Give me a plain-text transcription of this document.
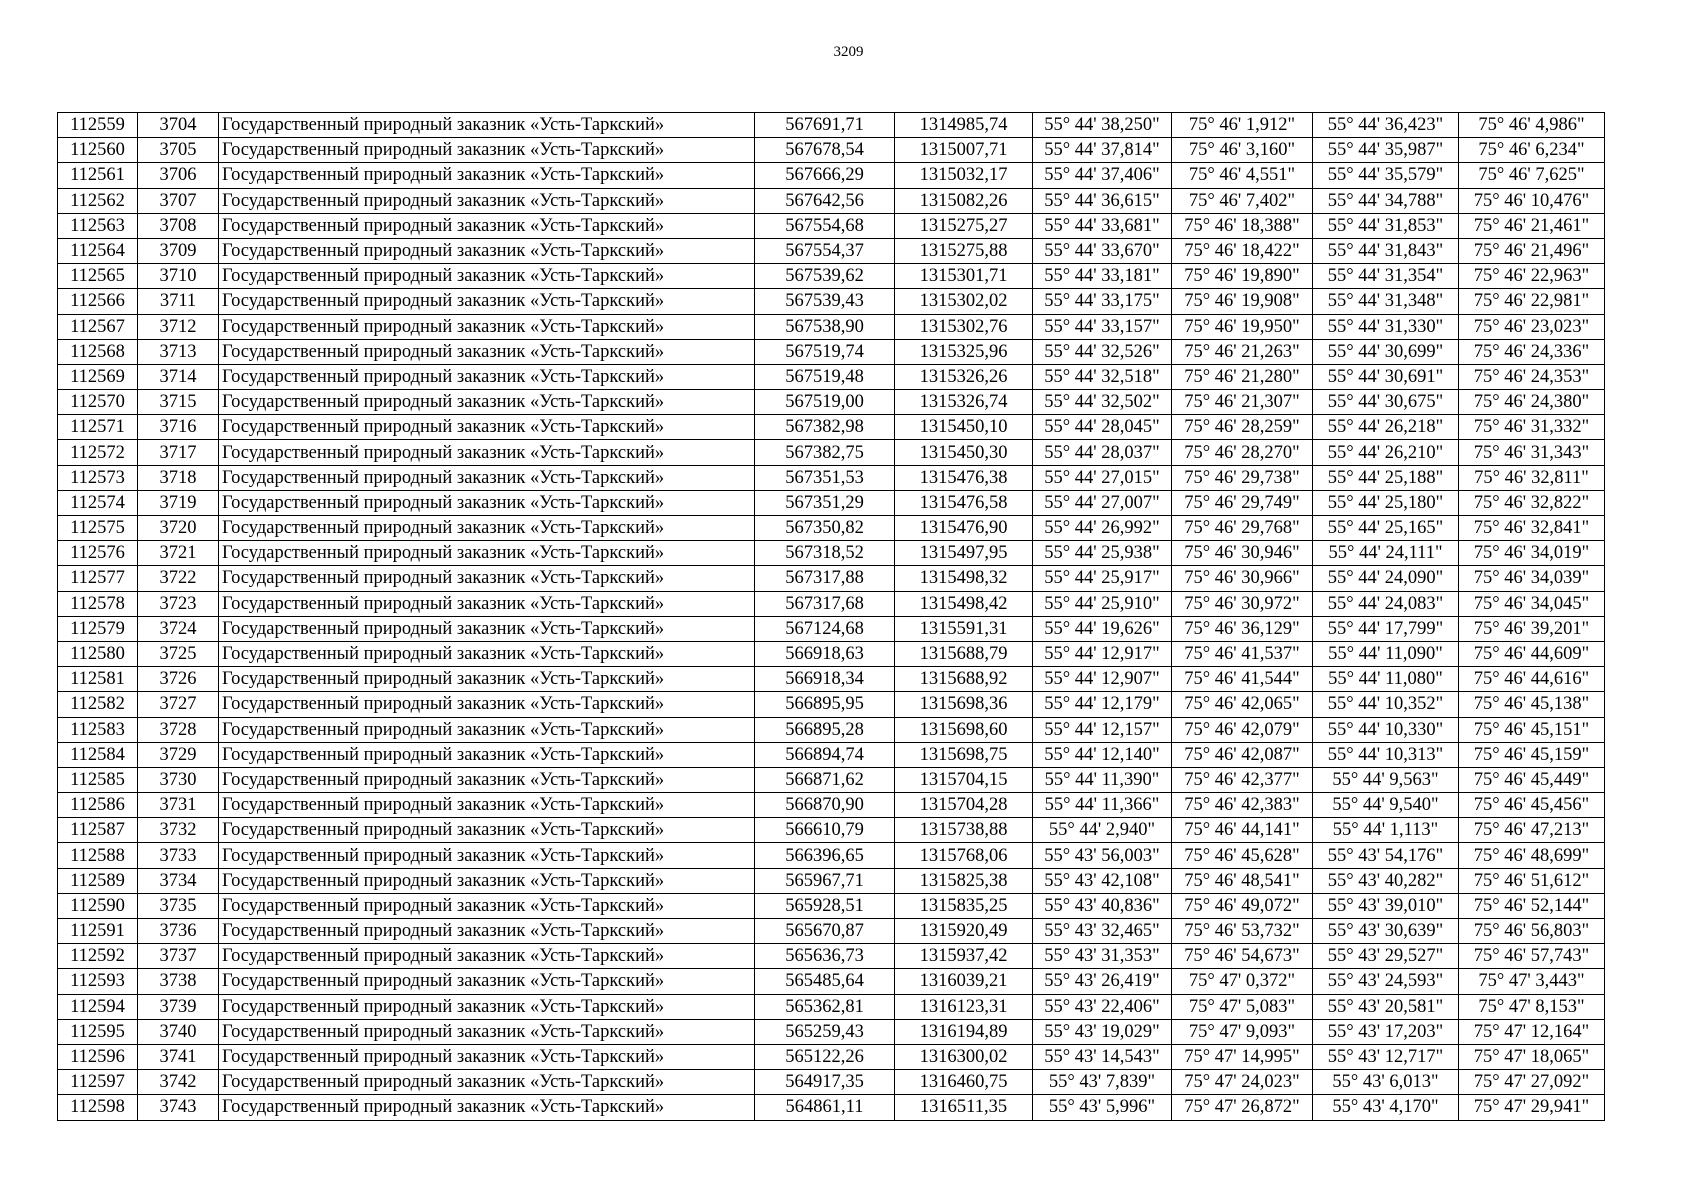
3209
112559	3704	Государственный природный заказник «Усть-Таркский»	567691,71	1314985,74	55° 44' 38,250"	75° 46' 1,912"	55° 44' 36,423"	75° 46' 4,986"
112560	3705	Государственный природный заказник «Усть-Таркский»	567678,54	1315007,71	55° 44' 37,814"	75° 46' 3,160"	55° 44' 35,987"	75° 46' 6,234"
112561	3706	Государственный природный заказник «Усть-Таркский»	567666,29	1315032,17	55° 44' 37,406"	75° 46' 4,551"	55° 44' 35,579"	75° 46' 7,625"
112562	3707	Государственный природный заказник «Усть-Таркский»	567642,56	1315082,26	55° 44' 36,615"	75° 46' 7,402"	55° 44' 34,788"	75° 46' 10,476"
112563	3708	Государственный природный заказник «Усть-Таркский»	567554,68	1315275,27	55° 44' 33,681"	75° 46' 18,388"	55° 44' 31,853"	75° 46' 21,461"
112564	3709	Государственный природный заказник «Усть-Таркский»	567554,37	1315275,88	55° 44' 33,670"	75° 46' 18,422"	55° 44' 31,843"	75° 46' 21,496"
112565	3710	Государственный природный заказник «Усть-Таркский»	567539,62	1315301,71	55° 44' 33,181"	75° 46' 19,890"	55° 44' 31,354"	75° 46' 22,963"
112566	3711	Государственный природный заказник «Усть-Таркский»	567539,43	1315302,02	55° 44' 33,175"	75° 46' 19,908"	55° 44' 31,348"	75° 46' 22,981"
112567	3712	Государственный природный заказник «Усть-Таркский»	567538,90	1315302,76	55° 44' 33,157"	75° 46' 19,950"	55° 44' 31,330"	75° 46' 23,023"
112568	3713	Государственный природный заказник «Усть-Таркский»	567519,74	1315325,96	55° 44' 32,526"	75° 46' 21,263"	55° 44' 30,699"	75° 46' 24,336"
112569	3714	Государственный природный заказник «Усть-Таркский»	567519,48	1315326,26	55° 44' 32,518"	75° 46' 21,280"	55° 44' 30,691"	75° 46' 24,353"
112570	3715	Государственный природный заказник «Усть-Таркский»	567519,00	1315326,74	55° 44' 32,502"	75° 46' 21,307"	55° 44' 30,675"	75° 46' 24,380"
112571	3716	Государственный природный заказник «Усть-Таркский»	567382,98	1315450,10	55° 44' 28,045"	75° 46' 28,259"	55° 44' 26,218"	75° 46' 31,332"
112572	3717	Государственный природный заказник «Усть-Таркский»	567382,75	1315450,30	55° 44' 28,037"	75° 46' 28,270"	55° 44' 26,210"	75° 46' 31,343"
112573	3718	Государственный природный заказник «Усть-Таркский»	567351,53	1315476,38	55° 44' 27,015"	75° 46' 29,738"	55° 44' 25,188"	75° 46' 32,811"
112574	3719	Государственный природный заказник «Усть-Таркский»	567351,29	1315476,58	55° 44' 27,007"	75° 46' 29,749"	55° 44' 25,180"	75° 46' 32,822"
112575	3720	Государственный природный заказник «Усть-Таркский»	567350,82	1315476,90	55° 44' 26,992"	75° 46' 29,768"	55° 44' 25,165"	75° 46' 32,841"
112576	3721	Государственный природный заказник «Усть-Таркский»	567318,52	1315497,95	55° 44' 25,938"	75° 46' 30,946"	55° 44' 24,111"	75° 46' 34,019"
112577	3722	Государственный природный заказник «Усть-Таркский»	567317,88	1315498,32	55° 44' 25,917"	75° 46' 30,966"	55° 44' 24,090"	75° 46' 34,039"
112578	3723	Государственный природный заказник «Усть-Таркский»	567317,68	1315498,42	55° 44' 25,910"	75° 46' 30,972"	55° 44' 24,083"	75° 46' 34,045"
112579	3724	Государственный природный заказник «Усть-Таркский»	567124,68	1315591,31	55° 44' 19,626"	75° 46' 36,129"	55° 44' 17,799"	75° 46' 39,201"
112580	3725	Государственный природный заказник «Усть-Таркский»	566918,63	1315688,79	55° 44' 12,917"	75° 46' 41,537"	55° 44' 11,090"	75° 46' 44,609"
112581	3726	Государственный природный заказник «Усть-Таркский»	566918,34	1315688,92	55° 44' 12,907"	75° 46' 41,544"	55° 44' 11,080"	75° 46' 44,616"
112582	3727	Государственный природный заказник «Усть-Таркский»	566895,95	1315698,36	55° 44' 12,179"	75° 46' 42,065"	55° 44' 10,352"	75° 46' 45,138"
112583	3728	Государственный природный заказник «Усть-Таркский»	566895,28	1315698,60	55° 44' 12,157"	75° 46' 42,079"	55° 44' 10,330"	75° 46' 45,151"
112584	3729	Государственный природный заказник «Усть-Таркский»	566894,74	1315698,75	55° 44' 12,140"	75° 46' 42,087"	55° 44' 10,313"	75° 46' 45,159"
112585	3730	Государственный природный заказник «Усть-Таркский»	566871,62	1315704,15	55° 44' 11,390"	75° 46' 42,377"	55° 44' 9,563"	75° 46' 45,449"
112586	3731	Государственный природный заказник «Усть-Таркский»	566870,90	1315704,28	55° 44' 11,366"	75° 46' 42,383"	55° 44' 9,540"	75° 46' 45,456"
112587	3732	Государственный природный заказник «Усть-Таркский»	566610,79	1315738,88	55° 44' 2,940"	75° 46' 44,141"	55° 44' 1,113"	75° 46' 47,213"
112588	3733	Государственный природный заказник «Усть-Таркский»	566396,65	1315768,06	55° 43' 56,003"	75° 46' 45,628"	55° 43' 54,176"	75° 46' 48,699"
112589	3734	Государственный природный заказник «Усть-Таркский»	565967,71	1315825,38	55° 43' 42,108"	75° 46' 48,541"	55° 43' 40,282"	75° 46' 51,612"
112590	3735	Государственный природный заказник «Усть-Таркский»	565928,51	1315835,25	55° 43' 40,836"	75° 46' 49,072"	55° 43' 39,010"	75° 46' 52,144"
112591	3736	Государственный природный заказник «Усть-Таркский»	565670,87	1315920,49	55° 43' 32,465"	75° 46' 53,732"	55° 43' 30,639"	75° 46' 56,803"
112592	3737	Государственный природный заказник «Усть-Таркский»	565636,73	1315937,42	55° 43' 31,353"	75° 46' 54,673"	55° 43' 29,527"	75° 46' 57,743"
112593	3738	Государственный природный заказник «Усть-Таркский»	565485,64	1316039,21	55° 43' 26,419"	75° 47' 0,372"	55° 43' 24,593"	75° 47' 3,443"
112594	3739	Государственный природный заказник «Усть-Таркский»	565362,81	1316123,31	55° 43' 22,406"	75° 47' 5,083"	55° 43' 20,581"	75° 47' 8,153"
112595	3740	Государственный природный заказник «Усть-Таркский»	565259,43	1316194,89	55° 43' 19,029"	75° 47' 9,093"	55° 43' 17,203"	75° 47' 12,164"
112596	3741	Государственный природный заказник «Усть-Таркский»	565122,26	1316300,02	55° 43' 14,543"	75° 47' 14,995"	55° 43' 12,717"	75° 47' 18,065"
112597	3742	Государственный природный заказник «Усть-Таркский»	564917,35	1316460,75	55° 43' 7,839"	75° 47' 24,023"	55° 43' 6,013"	75° 47' 27,092"
112598	3743	Государственный природный заказник «Усть-Таркский»	564861,11	1316511,35	55° 43' 5,996"	75° 47' 26,872"	55° 43' 4,170"	75° 47' 29,941"
